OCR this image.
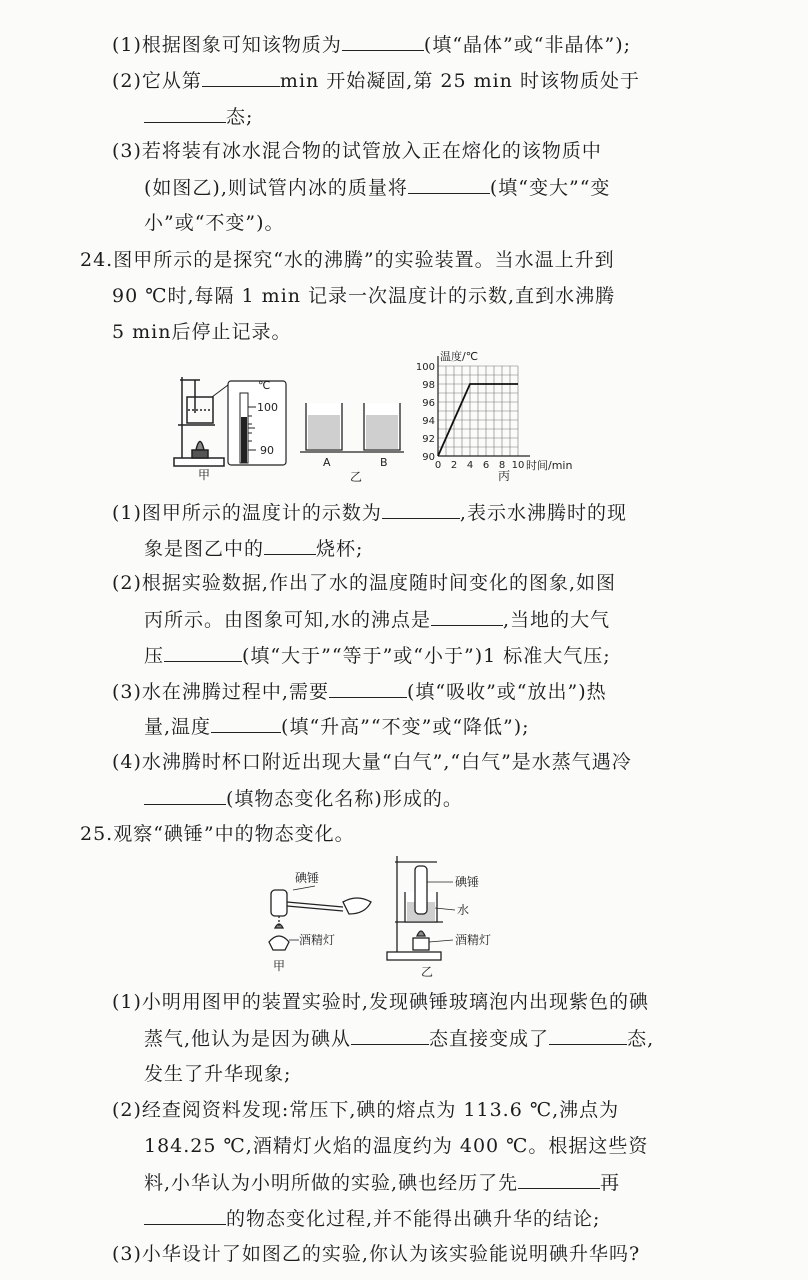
(1)根据图象可知该物质为	(填“晶体”或“非晶体”);
(2)它从第	min 开始凝固,第 25 min 时该物质处于
态;
(3)若将装有冰水混合物的试管放入正在熔化的该物质中
(如图乙),则试管内冰的质量将	(填“变大”“变
小”或“不变”)。
24.图甲所示的是探究“水的沸腾”的实验装置。当水温上升到
90 ℃时,每隔 1 min 记录一次温度计的示数,直到水沸腾
5 min后停止记录。
℃
100
90
甲
A	B
乙
温度/℃
时间/min
90
92
94
96
98
100
0 2 4 6 8 10
丙
(1)图甲所示的温度计的示数为	,表示水沸腾时的现
象是图乙中的	烧杯;
(2)根据实验数据,作出了水的温度随时间变化的图象,如图
丙所示。由图象可知,水的沸点是	,当地的大气
压	(填“大于”“等于”或“小于”)1 标准大气压;
(3)水在沸腾过程中,需要	(填“吸收”或“放出”)热
量,温度	(填“升高”“不变”或“降低”);
(4)水沸腾时杯口附近出现大量“白气”,“白气”是水蒸气遇冷
(填物态变化名称)形成的。
25.观察“碘锤”中的物态变化。
碘锤
酒精灯
甲
碘锤
水
酒精灯
乙
(1)小明用图甲的装置实验时,发现碘锤玻璃泡内出现紫色的碘
蒸气,他认为是因为碘从	态直接变成了	态,
发生了升华现象;
(2)经查阅资料发现:常压下,碘的熔点为 113.6 ℃,沸点为
184.25 ℃,酒精灯火焰的温度约为 400 ℃。根据这些资
料,小华认为小明所做的实验,碘也经历了先	再
的物态变化过程,并不能得出碘升华的结论;
(3)小华设计了如图乙的实验,你认为该实验能说明碘升华吗?
